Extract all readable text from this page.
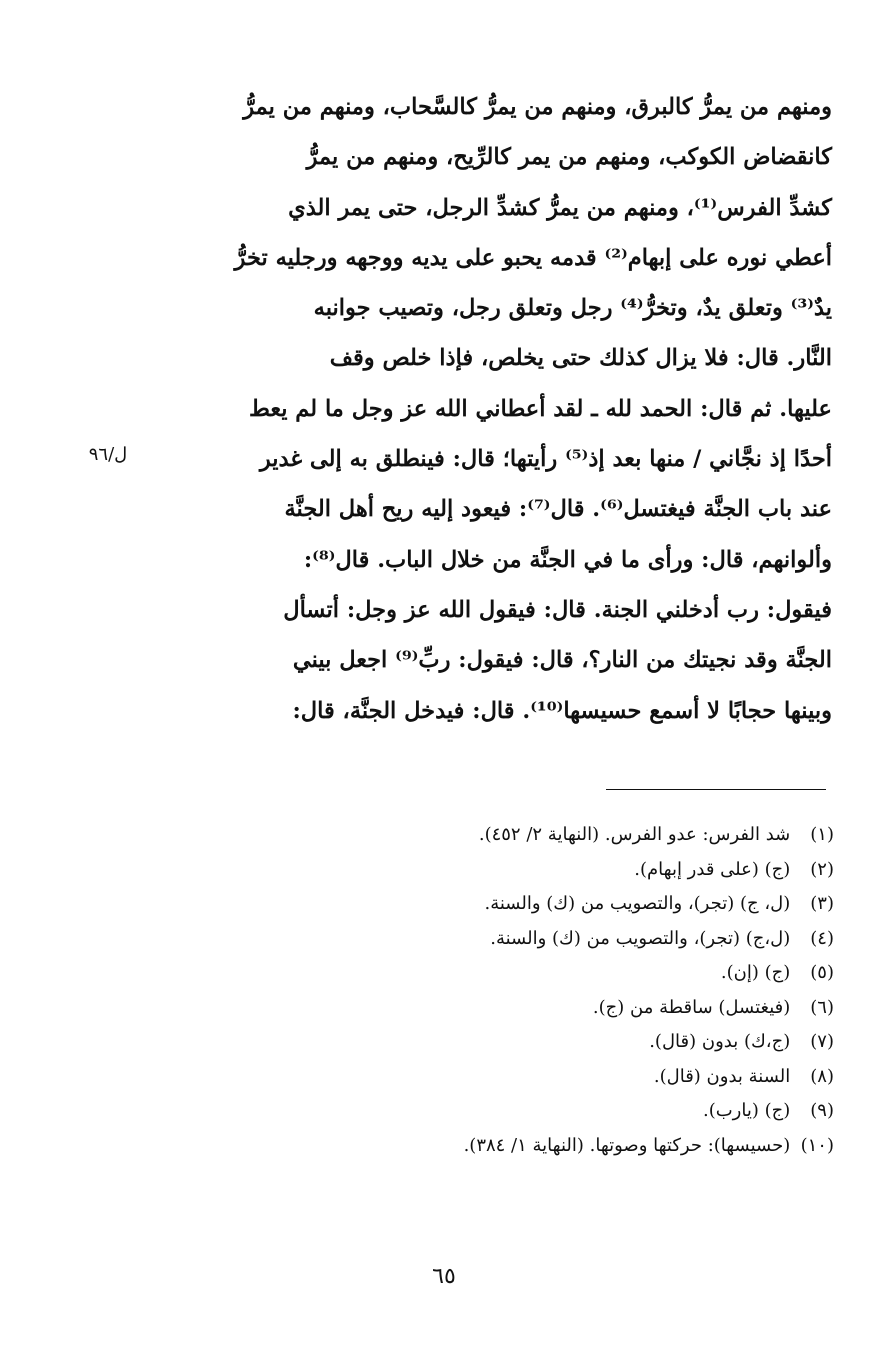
ومنهم من يمرُّ كالبرق، ومنهم من يمرُّ كالسَّحاب، ومنهم من يمرُّ
كانقضاض الكوكب، ومنهم من يمر كالرِّيح، ومنهم من يمرُّ
كشدِّ الفرس⁽¹⁾، ومنهم من يمرُّ كشدِّ الرجل، حتى يمر الذي
أعطي نوره على إبهام⁽²⁾ قدمه يحبو على يديه ووجهه ورجليه تخرُّ
يدٌ⁽³⁾ وتعلق يدٌ، وتخرُّ⁽⁴⁾ رجل وتعلق رجل، وتصيب جوانبه
النَّار. قال: فلا يزال كذلك حتى يخلص، فإذا خلص وقف
عليها. ثم قال: الحمد لله ـ لقد أعطاني الله عز وجل ما لم يعط
أحدًا إذ نجَّاني / منها بعد إذ⁽⁵⁾ رأيتها؛ قال: فينطلق به إلى غدير
عند باب الجنَّة فيغتسل⁽⁶⁾. قال⁽⁷⁾: فيعود إليه ريح أهل الجنَّة
وألوانهم، قال: ورأى ما في الجنَّة من خلال الباب. قال⁽⁸⁾:
فيقول: رب أدخلني الجنة. قال: فيقول الله عز وجل: أتسأل
الجنَّة وقد نجيتك من النار؟، قال: فيقول: ربِّ⁽⁹⁾ اجعل بيني
وبينها حجابًا لا أسمع حسيسها⁽¹⁰⁾. قال: فيدخل الجنَّة، قال:
ل/٩٦
(١) شد الفرس: عدو الفرس. (النهاية ٢/ ٤٥٢).
(٢) (ج) (على قدر إبهام).
(٣) (ل، ج) (تجر)، والتصويب من (ك) والسنة.
(٤) (ل،ج) (تجر)، والتصويب من (ك) والسنة.
(٥) (ج) (إن).
(٦) (فيغتسل) ساقطة من (ج).
(٧) (ج،ك) بدون (قال).
(٨) السنة بدون (قال).
(٩) (ج) (يارب).
(١٠) (حسيسها): حركتها وصوتها. (النهاية ١/ ٣٨٤).
٦٥
